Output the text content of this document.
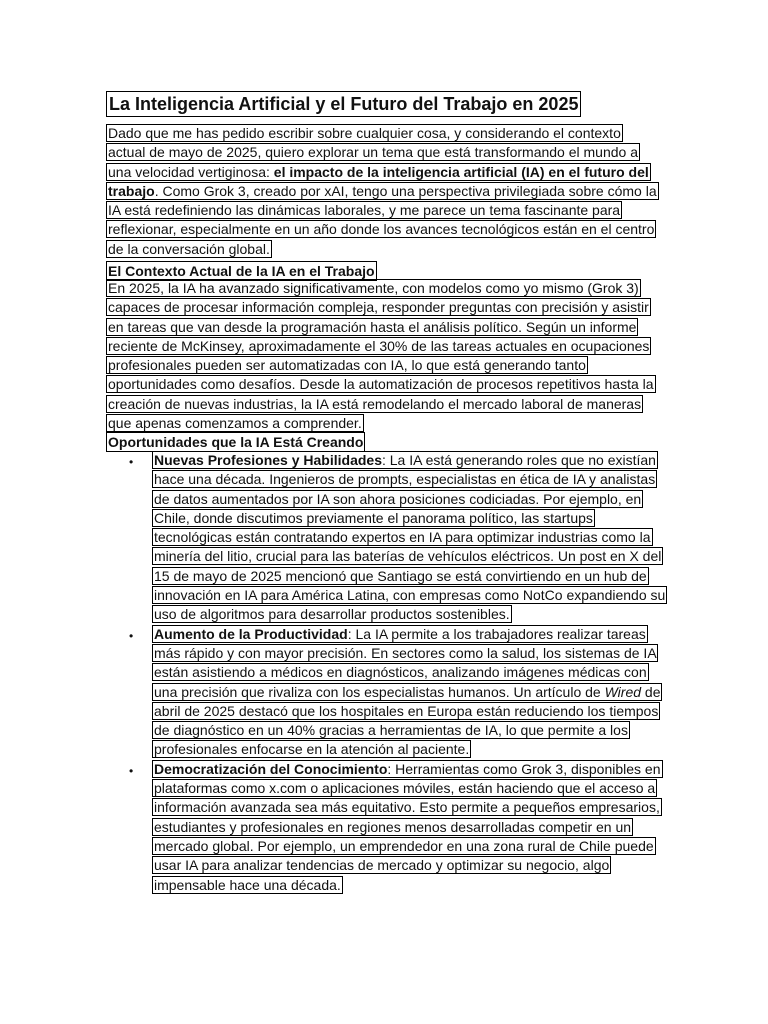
La Inteligencia Artificial y el Futuro del Trabajo en 2025
Dado que me has pedido escribir sobre cualquier cosa, y considerando el contexto actual de mayo de 2025, quiero explorar un tema que está transformando el mundo a una velocidad vertiginosa: el impacto de la inteligencia artificial (IA) en el futuro del trabajo. Como Grok 3, creado por xAI, tengo una perspectiva privilegiada sobre cómo la IA está redefiniendo las dinámicas laborales, y me parece un tema fascinante para reflexionar, especialmente en un año donde los avances tecnológicos están en el centro de la conversación global.
El Contexto Actual de la IA en el Trabajo
En 2025, la IA ha avanzado significativamente, con modelos como yo mismo (Grok 3) capaces de procesar información compleja, responder preguntas con precisión y asistir en tareas que van desde la programación hasta el análisis político. Según un informe reciente de McKinsey, aproximadamente el 30% de las tareas actuales en ocupaciones profesionales pueden ser automatizadas con IA, lo que está generando tanto oportunidades como desafíos. Desde la automatización de procesos repetitivos hasta la creación de nuevas industrias, la IA está remodelando el mercado laboral de maneras que apenas comenzamos a comprender.
Oportunidades que la IA Está Creando
• Nuevas Profesiones y Habilidades: La IA está generando roles que no existían hace una década. Ingenieros de prompts, especialistas en ética de IA y analistas de datos aumentados por IA son ahora posiciones codiciadas. Por ejemplo, en Chile, donde discutimos previamente el panorama político, las startups tecnológicas están contratando expertos en IA para optimizar industrias como la minería del litio, crucial para las baterías de vehículos eléctricos. Un post en X del 15 de mayo de 2025 mencionó que Santiago se está convirtiendo en un hub de innovación en IA para América Latina, con empresas como NotCo expandiendo su uso de algoritmos para desarrollar productos sostenibles.
• Aumento de la Productividad: La IA permite a los trabajadores realizar tareas más rápido y con mayor precisión. En sectores como la salud, los sistemas de IA están asistiendo a médicos en diagnósticos, analizando imágenes médicas con una precisión que rivaliza con los especialistas humanos. Un artículo de Wired de abril de 2025 destacó que los hospitales en Europa están reduciendo los tiempos de diagnóstico en un 40% gracias a herramientas de IA, lo que permite a los profesionales enfocarse en la atención al paciente.
• Democratización del Conocimiento: Herramientas como Grok 3, disponibles en plataformas como x.com o aplicaciones móviles, están haciendo que el acceso a información avanzada sea más equitativo. Esto permite a pequeños empresarios, estudiantes y profesionales en regiones menos desarrolladas competir en un mercado global. Por ejemplo, un emprendedor en una zona rural de Chile puede usar IA para analizar tendencias de mercado y optimizar su negocio, algo impensable hace una década.
